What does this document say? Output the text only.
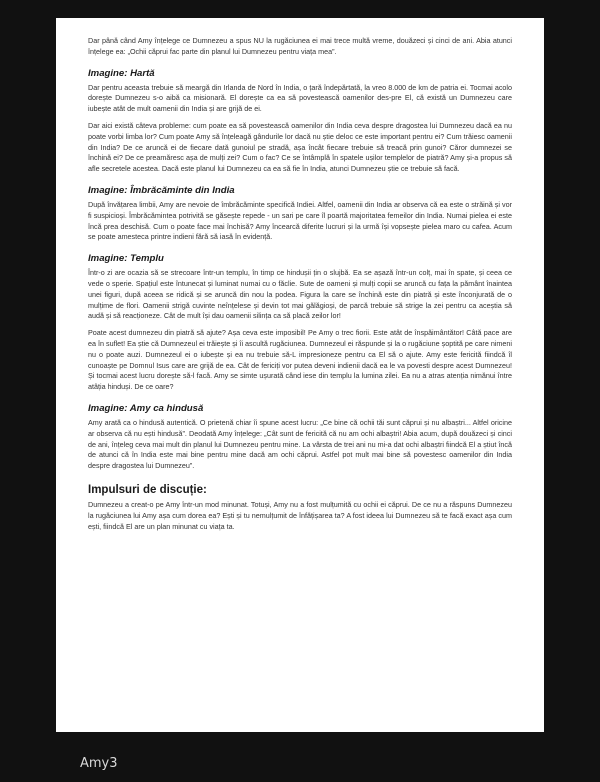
Dar până când Amy înțelege ce Dumnezeu a spus NU la rugăciunea ei mai trece multă vreme, douăzeci și cinci de ani. Abia atunci înțelege ea: „Ochii căprui fac parte din planul lui Dumnezeu pentru viața mea”.

Imagine: Hartă

Dar pentru aceasta trebuie să meargă din Irlanda de Nord în India, o țară îndepărtată, la vreo 8.000 de km de patria ei. Tocmai acolo dorește Dumnezeu s-o aibă ca misionară. El dorește ca ea să povestească oamenilor des-pre El, că există un Dumnezeu care iubește atât de mult oamenii din India și are grijă de ei.

Dar aici există câteva probleme: cum poate ea să povestească oamenilor din India ceva despre dragostea lui Dumnezeu dacă ea nu poate vorbi limba lor? Cum poate Amy să înțeleagă gândurile lor dacă nu știe deloc ce este important pentru ei? Cum trăiesc oamenii din India? De ce aruncă ei de fiecare dată gunoiul pe stradă, așa încât fiecare trebuie să treacă prin gunoi? Căror dumnezei se închină ei? De ce preamăresc așa de mulți zei? Cum o fac? Ce se întâmplă în spatele ușilor templelor de piatră? Amy și-a propus să afle secretele acestea. Dacă este planul lui Dumnezeu ca ea să fie în India, atunci Dumnezeu știe ce trebuie să facă.

Imagine: Îmbrăcăminte din India

După învățarea limbii, Amy are nevoie de îmbrăcăminte specifică Indiei. Altfel, oamenii din India ar observa că ea este o străină și vor fi suspicioși. Îmbrăcămintea potrivită se găsește repede - un sari pe care îl poartă majoritatea femeilor din India. Numai pielea ei este încă prea deschisă. Cum o poate face mai închisă? Amy încearcă diferite lucruri și la urmă își vopsește pielea maro cu cafea. Acum se poate amesteca printre indieni fără să iasă în evidență.

Imagine: Templu

Într-o zi are ocazia să se strecoare într-un templu, în timp ce hindușii țin o slujbă. Ea se așază într-un colț, mai în spate, și ceea ce vede o sperie. Spațiul este întunecat și luminat numai cu o făclie. Sute de oameni și mulți copii se aruncă cu fața la pământ înaintea unei figuri, după aceea se ridică și se aruncă din nou la podea. Figura la care se închină este din piatră și este înconjurată de o mulțime de flori. Oamenii strigă cuvinte neînțelese și devin tot mai gălăgioși, de parcă trebuie să strige la zei pentru ca aceștia să audă și să reacționeze. Cât de mult își dau oamenii silința ca să placă zeilor lor!

Poate acest dumnezeu din piatră să ajute? Așa ceva este imposibil! Pe Amy o trec fiorii. Este atât de înspăimântător! Câtă pace are ea în suflet! Ea știe că Dumnezeul ei trăiește și îi ascultă rugăciunea. Dumnezeul ei răspunde și la o rugăciune șoptită pe care nimeni nu o poate auzi. Dumnezeul ei o iubește și ea nu trebuie să-L impresioneze pentru ca El să o ajute. Amy este fericită fiindcă îl cunoaște pe Domnul Isus care are grijă de ea. Cât de fericiți vor putea deveni indienii dacă ea le va povesti despre acest Dumnezeu! Și tocmai acest lucru dorește să-l facă. Amy se simte ușurată când iese din templu la lumina zilei. Ea nu a atras atenția nimănui între atâția hinduși. De ce oare?

Imagine: Amy ca hindusă

Amy arată ca o hindusă autentică. O prietenă chiar îi spune acest lucru: „Ce bine că ochii tăi sunt căprui și nu albaștri... Altfel oricine ar observa că nu ești hindusă”. Deodată Amy înțelege: „Cât sunt de fericită că nu am ochi albaștri! Abia acum, după douăzeci și cinci de ani, înțeleg ceva mai mult din planul lui Dumnezeu pentru mine. La vârsta de trei ani nu mi-a dat ochi albaștri fiindcă El a știut încă de atunci că în India este mai bine pentru mine dacă am ochi căprui. Astfel pot mult mai bine să povestesc oamenilor din India despre dragostea lui Dumnezeu”.

Impulsuri de discuție:

Dumnezeu a creat-o pe Amy într-un mod minunat. Totuși, Amy nu a fost mulțumită cu ochii ei căprui. De ce nu a răspuns Dumnezeu la rugăciunea lui Amy așa cum dorea ea? Ești și tu nemulțumit de înfățișarea ta? A fost ideea lui Dumnezeu să te facă exact așa cum ești, fiindcă El are un plan minunat cu viața ta.

Amy3
